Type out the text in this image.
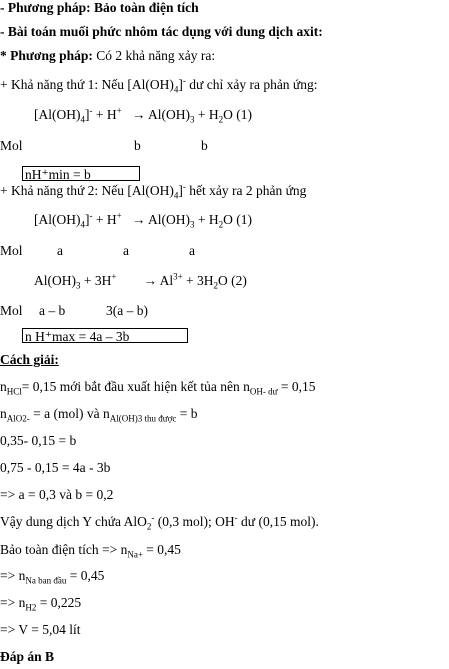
- Phương pháp: Bảo toàn điện tích
- Bài toán muối phức nhôm tác dụng với dung dịch axit:
* Phương pháp: Có 2 khả năng xảy ra:
+ Khả năng thứ 1: Nếu $[Al(OH)_4]^-$ dư chỉ xảy ra phản ứng:
$[Al(OH)_4]^- + H^+ \to Al(OH)_3 + H_2O$ (1)
Mol	b	b
nH⁺min = b
+ Khả năng thứ 2: Nếu $[Al(OH)_4]^-$ hết xảy ra 2 phản ứng
$[Al(OH)_4]^- + H^+ \to Al(OH)_3 + H_2O$ (1)
Mol	a	a	a
$Al(OH)_3 + 3H^+ \to Al^{3+} + 3H_2O$ (2)
Mol a – b	3(a – b)
n H⁺max = 4a – 3b
Cách giải:
$n_{HCl}= 0,15$ mới bắt đầu xuất hiện kết tủa nên $n_{OH- dư} = 0,15$
$n_{AlO2-} = a$ (mol) và $n_{Al(OH)3 thu được} = b$
0,35- 0,15 = b
0,75 - 0,15 = 4a - 3b
=> a = 0,3 và b = 0,2
Vậy dung dịch Y chứa AlO$_2$- (0,3 mol); OH- dư (0,15 mol).
Bảo toàn điện tích => $n_{Na+} = 0,45$
=> $n_{Na ban đầu} = 0,45$
=> $n_{H2} = 0,225$
=> V = 5,04 lít
Đáp án B
